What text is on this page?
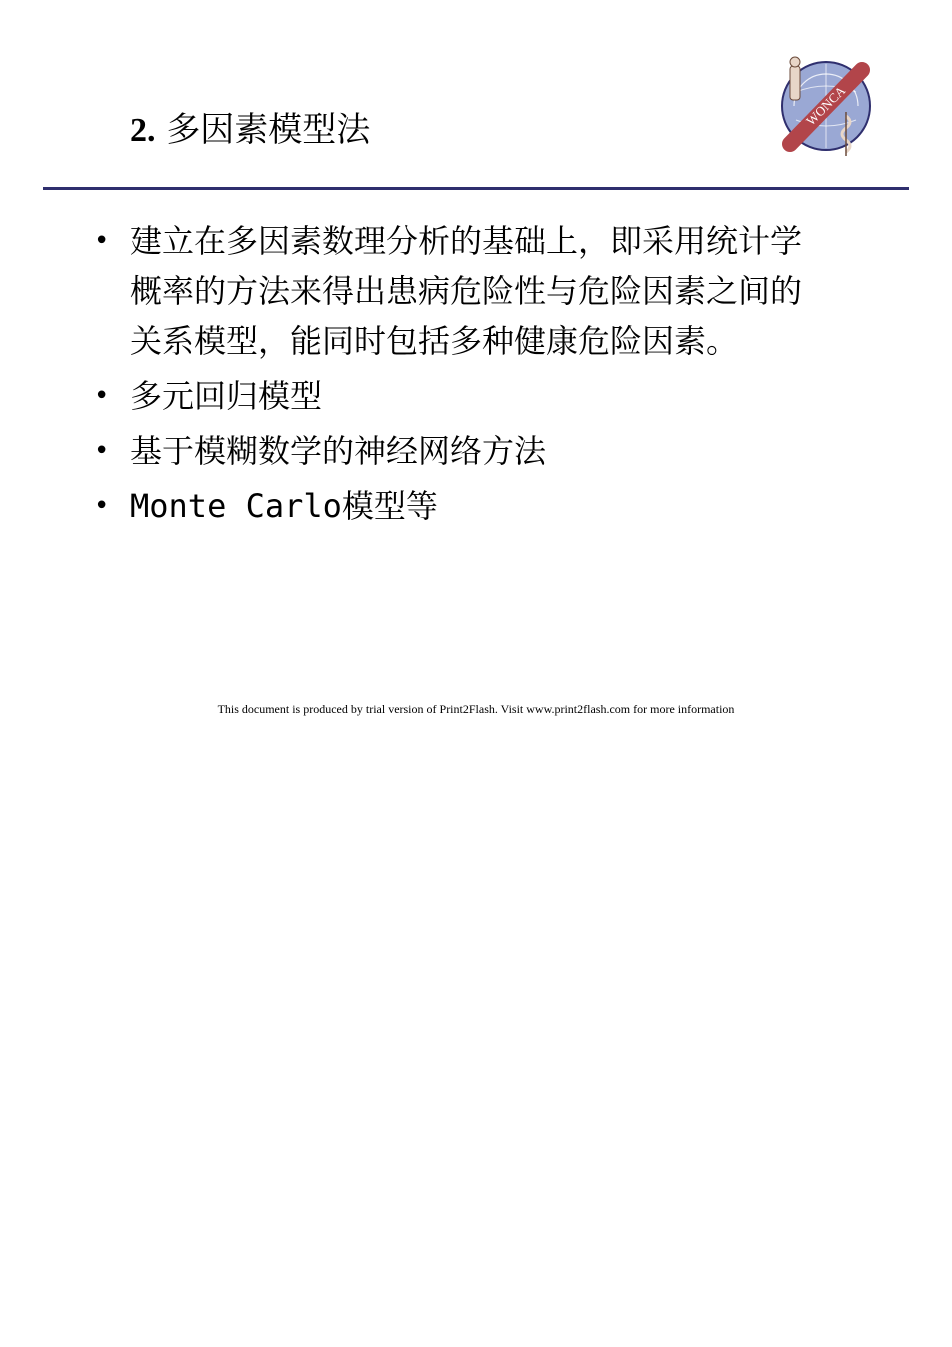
2. 多因素模型法
WONCA
• 建立在多因素数理分析的基础上，即采用统计学概率的方法来得出患病危险性与危险因素之间的关系模型，能同时包括多种健康危险因素。
• 多元回归模型
• 基于模糊数学的神经网络方法
• Monte Carlo模型等
This document is produced by trial version of Print2Flash. Visit www.print2flash.com for more information
